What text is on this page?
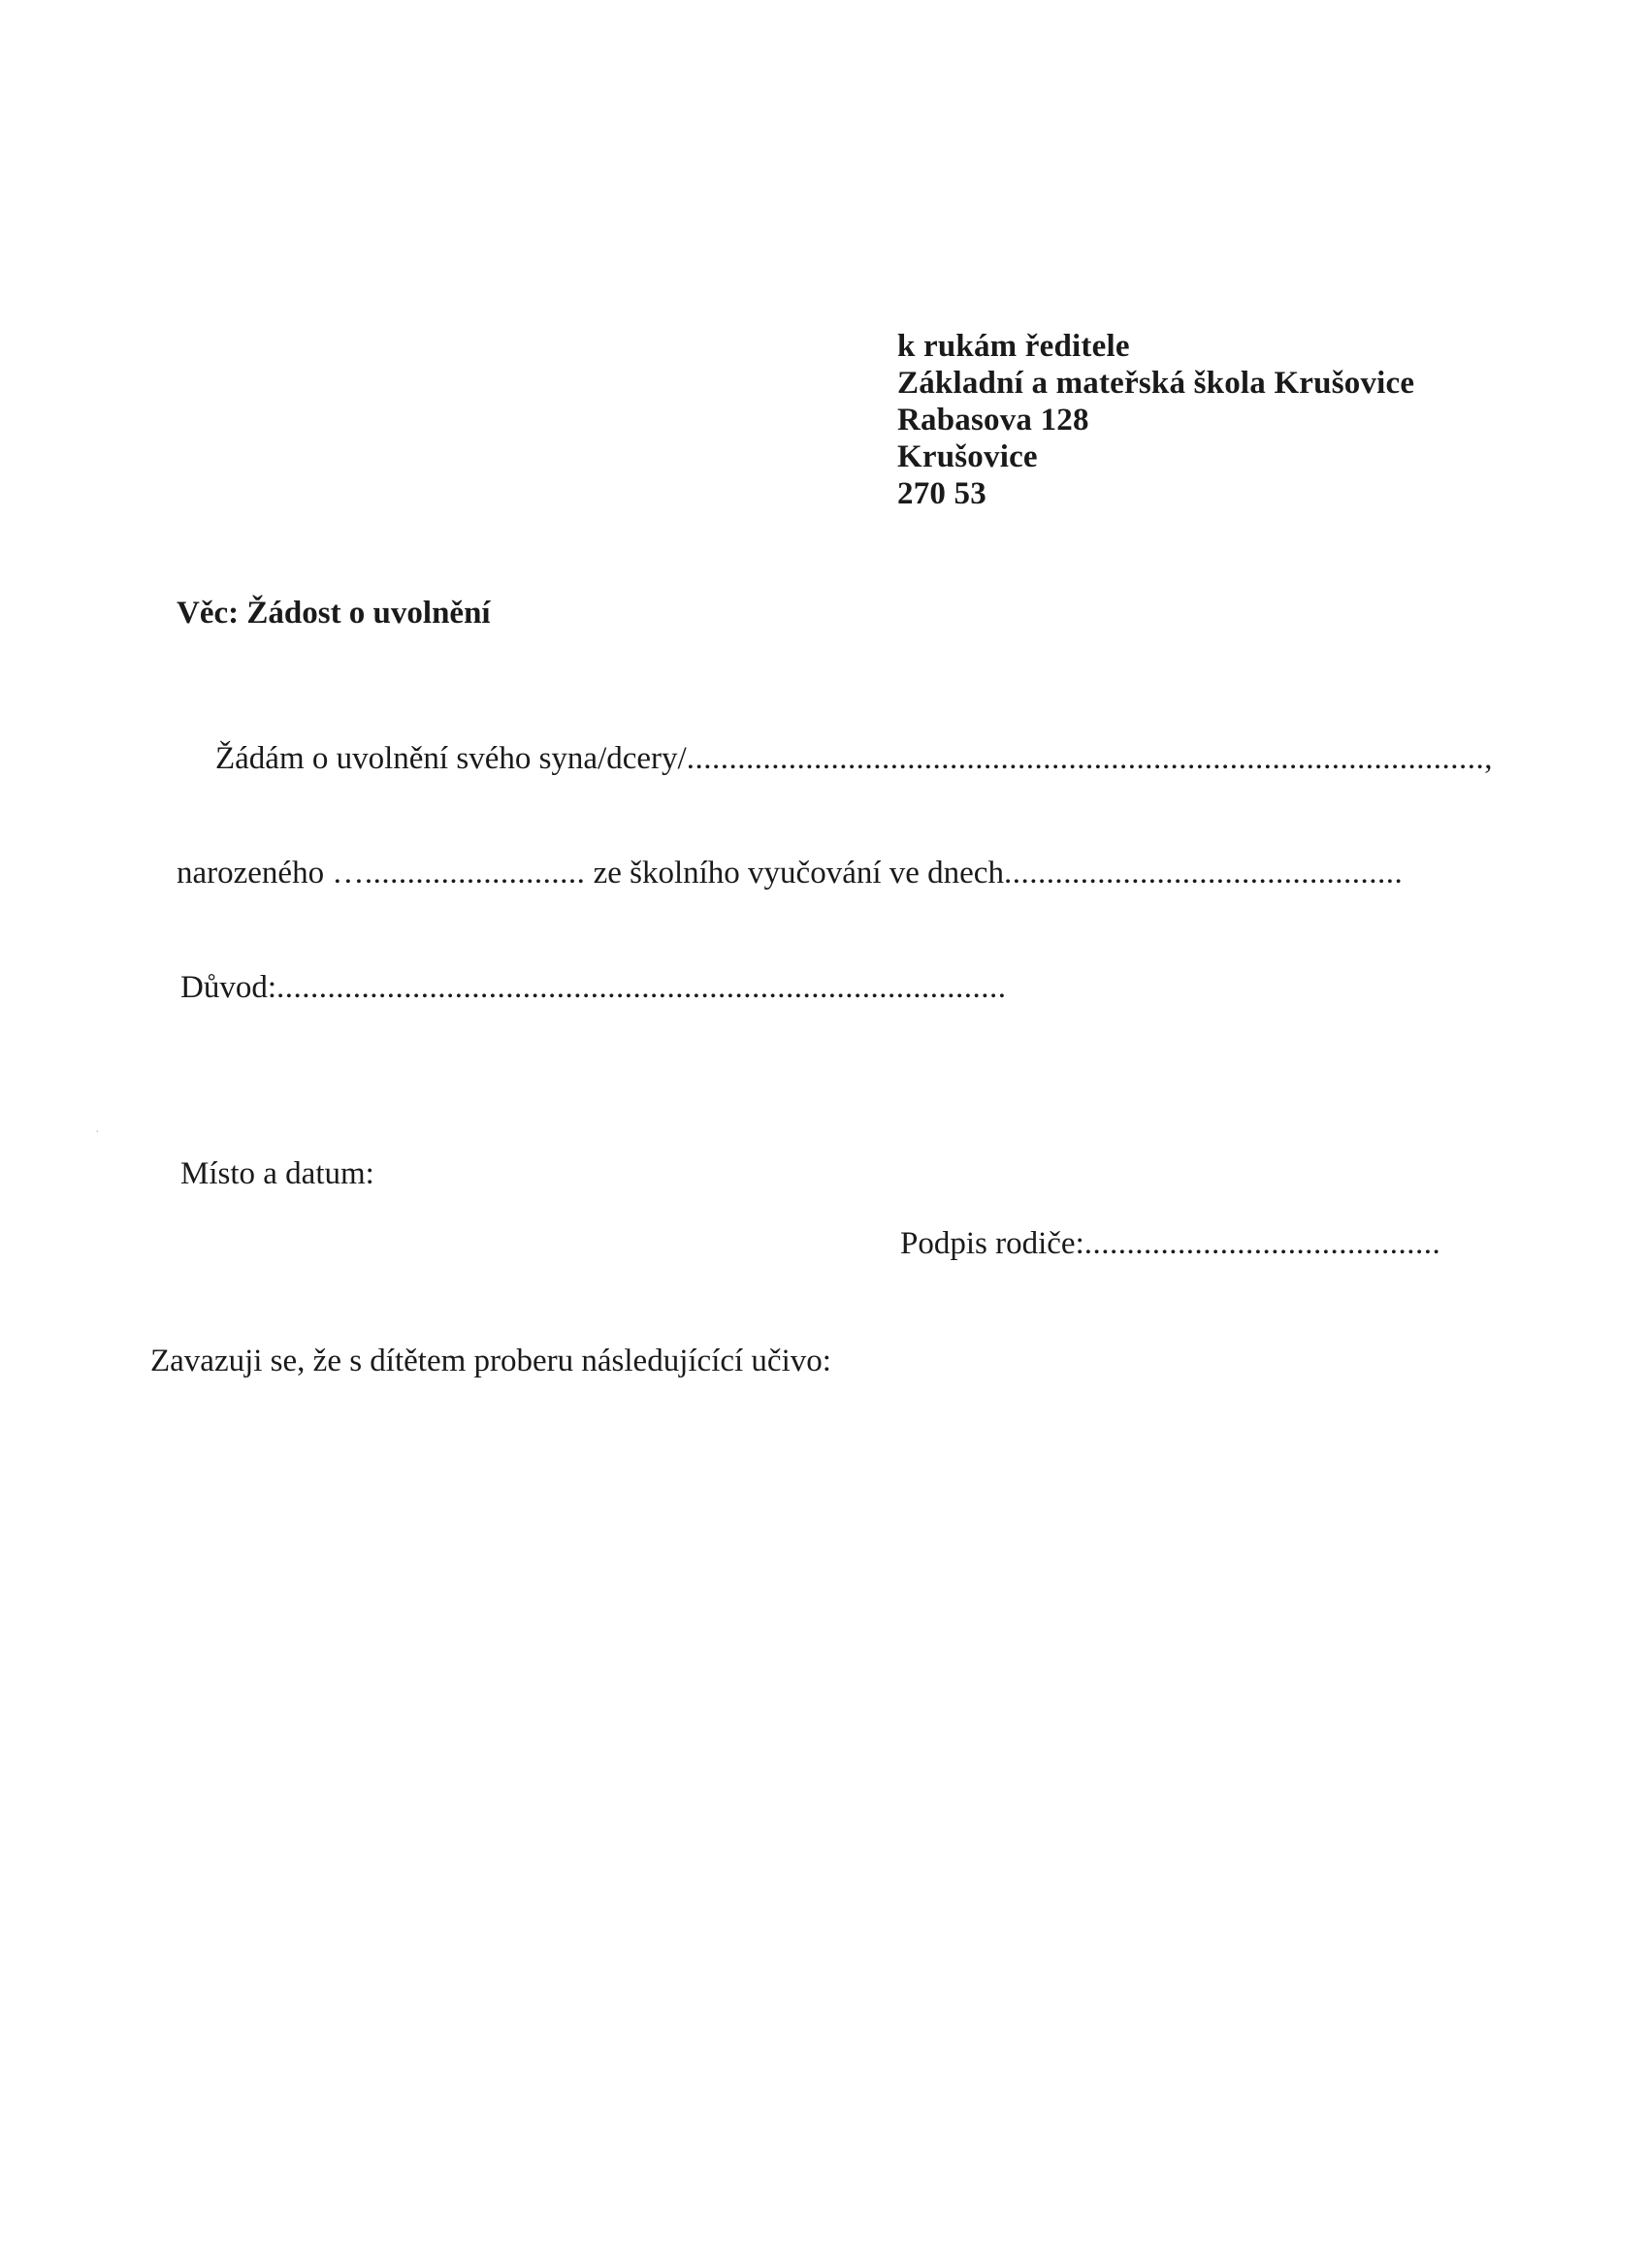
k rukám ředitele
Základní a mateřská škola Krušovice
Rabasova 128
Krušovice
270 53
Věc: Žádost o uvolnění
Žádám o uvolnění svého syna/dcery/..............................................................................................,
narozeného ….......................... ze školního vyučování ve dnech...............................................
Důvod:......................................................................................
·
Místo a datum:
Podpis rodiče:..........................................
Zavazuji se, že s dítětem proberu následujícící učivo:
